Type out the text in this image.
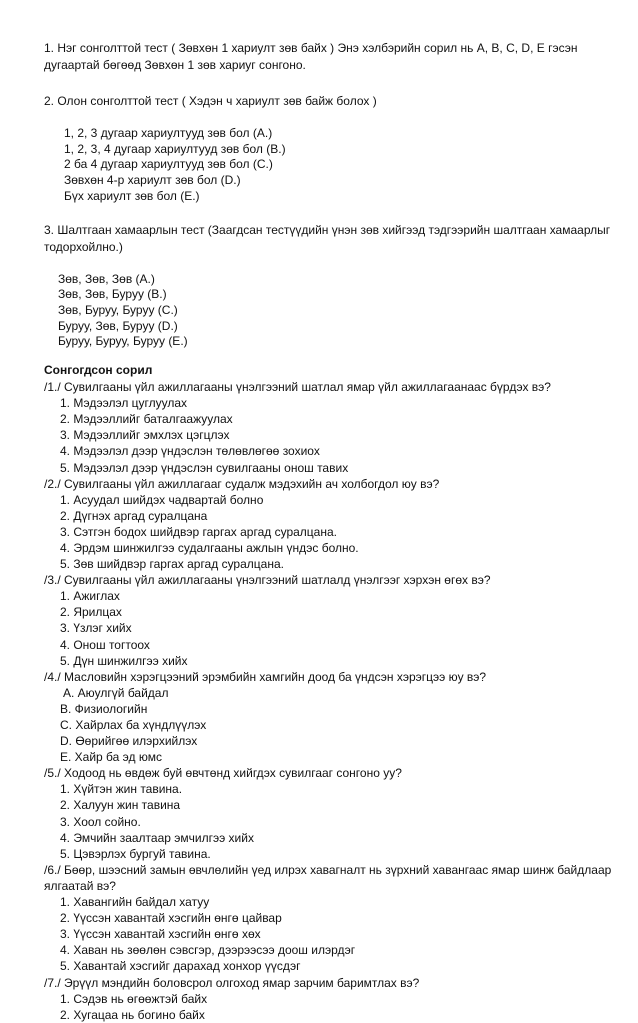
1. Нэг сонголттой тест ( Зөвхөн 1 хариулт зөв байх ) Энэ хэлбэрийн сорил нь А, В, С, D, Е гэсэн дугаартай бөгөөд Зөвхөн 1 зөв хариуг сонгоно.

2. Олон сонголттой тест ( Хэдэн ч хариулт зөв байж болох )

1, 2, 3 дугаар хариултууд зөв бол (A.)
1, 2, 3, 4 дугаар хариултууд зөв бол (B.)
2 ба 4 дугаар хариултууд зөв бол (C.)
Зөвхөн 4-р хариулт зөв бол (D.)
Бүх хариулт зөв бол (E.)

3. Шалтгаан хамаарлын тест (Заагдсан тестүүдийн үнэн зөв хийгээд тэдгээрийн шалтгаан хамаарлыг тодорхойлно.)

Зөв, Зөв, Зөв (A.)
Зөв, Зөв, Буруу (B.)
Зөв, Буруу, Буруу (C.)
Буруу, Зөв, Буруу (D.)
Буруу, Буруу, Буруу (E.)
Сонгогдсон сорил
/1./ Сувилгааны үйл ажиллагааны үнэлгээний шатлал ямар үйл ажиллагаанаас бүрдэх вэ?
1. Мэдээлэл цуглуулах
2. Мэдээллийг баталгаажуулах
3. Мэдээллийг эмхлэх цэгцлэх
4. Мэдээлэл дээр үндэслэн төлөвлөгөө зохиох
5. Мэдээлэл дээр үндэслэн сувилгааны онош тавих
/2./ Сувилгааны үйл ажиллагааг судалж мэдэхийн ач холбогдол юу вэ?
1. Асуудал шийдэх чадвартай болно
2. Дүгнэх аргад суралцана
3. Сэтгэн бодох шийдвэр гаргах аргад суралцана.
4. Эрдэм шинжилгээ судалгааны ажлын үндэс болно.
5. Зөв шийдвэр гаргах аргад суралцана.
/3./ Сувилгааны үйл ажиллагааны үнэлгээний шатлалд үнэлгээг хэрхэн өгөх вэ?
1. Ажиглах
2. Ярилцах
3. Үзлэг хийх
4. Онош тогтоох
5. Дүн шинжилгээ хийх
/4./ Масловийн хэрэгцээний эрэмбийн хамгийн доод ба үндсэн хэрэгцээ юу вэ?
A. Аюулгүй байдал
B. Физиологийн
C. Хайрлах ба хүндлүүлэх
D. Өөрийгөө илэрхийлэх
E. Хайр ба эд юмс
/5./ Ходоод нь өвдөж буй өвчтөнд хийгдэх сувилгааг сонгоно уу?
1. Хүйтэн жин тавина.
2. Халуун жин тавина
3. Хоол сойно.
4. Эмчийн заалтаар эмчилгээ хийх
5. Цэвэрлэх бургуй тавина.
/6./ Бөөр, шээсний замын өвчлөлийн үед илрэх хавагналт нь зүрхний хавангаас ямар шинж байдлаар ялгаатай вэ?
1. Хавангийн байдал хатуу
2. Үүссэн хавантай хэсгийн өнгө цайвар
3. Үүссэн хавантай хэсгийн өнгө хөх
4. Хаван нь зөөлөн сэвсгэр, дээрээсээ доош илэрдэг
5. Хавантай хэсгийг дарахад хонхор үүсдэг
/7./ Эрүүл мэндийн боловсрол олгоход ямар зарчим баримтлах вэ?
1. Сэдэв нь өгөөжтэй байх
2. Хугацаа нь богино байх
